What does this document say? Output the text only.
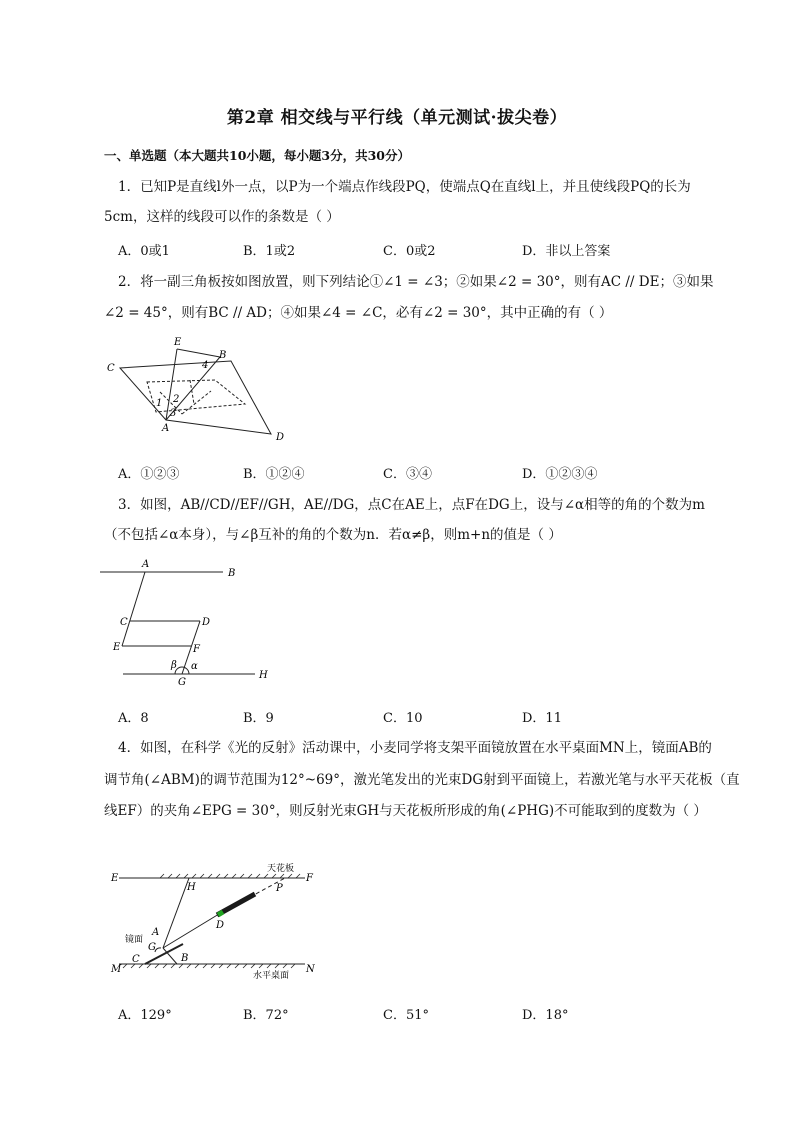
第2章 相交线与平行线（单元测试·拔尖卷）
一、单选题（本大题共10小题，每小题3分，共30分）
1．已知P是直线l外一点，以P为一个端点作线段PQ，使端点Q在直线l上，并且使线段PQ的长为
5cm，这样的线段可以作的条数是（ ）
A．0或1	B．1或2	C．0或2	D．非以上答案
2．将一副三角板按如图放置，则下列结论①∠1 = ∠3；②如果∠2 = 30°，则有AC // DE；③如果
∠2 = 45°，则有BC // AD；④如果∠4 = ∠C，必有∠2 = 30°，其中正确的有（ ）
C
E
B
4
1 2
3
A
D
A．①②③	B．①②④	C．③④	D．①②③④
3．如图，AB//CD//EF//GH，AE//DG，点C在AE上，点F在DG上，设与∠α相等的角的个数为m
（不包括∠α本身），与∠β互补的角的个数为n．若α≠β，则m+n的值是（ ）
A
B
C	D
E	F
β α
G
H
A．8	B．9	C．10	D．11
4．如图，在科学《光的反射》活动课中，小麦同学将支架平面镜放置在水平桌面MN上，镜面AB的
调节角(∠ABM)的调节范围为12°~69°，激光笔发出的光束DG射到平面镜上，若激光笔与水平天花板（直
线EF）的夹角∠EPG = 30°，则反射光束GH与天花板所形成的角(∠PHG)不可能取到的度数为（ ）
E	F
H	P
天花板
D
A
镜面
G
C	B
M	N
水平桌面
A．129°	B．72°	C．51°	D．18°
